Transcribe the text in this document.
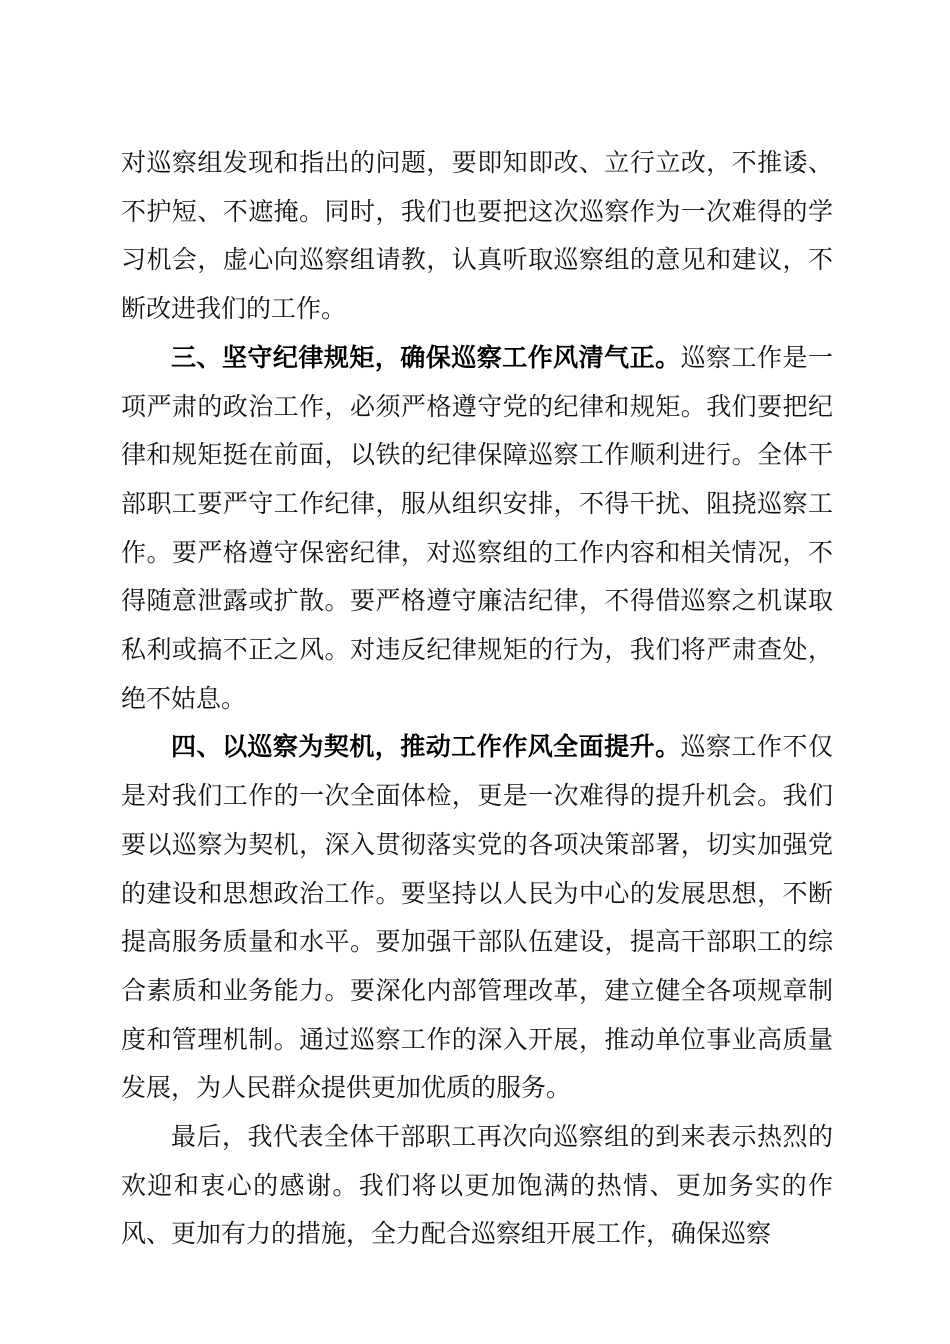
对巡察组发现和指出的问题，要即知即改、立行立改，不推诿、不护短、不遮掩。同时，我们也要把这次巡察作为一次难得的学习机会，虚心向巡察组请教，认真听取巡察组的意见和建议，不断改进我们的工作。

三、坚守纪律规矩，确保巡察工作风清气正。巡察工作是一项严肃的政治工作，必须严格遵守党的纪律和规矩。我们要把纪律和规矩挺在前面，以铁的纪律保障巡察工作顺利进行。全体干部职工要严守工作纪律，服从组织安排，不得干扰、阻挠巡察工作。要严格遵守保密纪律，对巡察组的工作内容和相关情况，不得随意泄露或扩散。要严格遵守廉洁纪律，不得借巡察之机谋取私利或搞不正之风。对违反纪律规矩的行为，我们将严肃查处，绝不姑息。

四、以巡察为契机，推动工作作风全面提升。巡察工作不仅是对我们工作的一次全面体检，更是一次难得的提升机会。我们要以巡察为契机，深入贯彻落实党的各项决策部署，切实加强党的建设和思想政治工作。要坚持以人民为中心的发展思想，不断提高服务质量和水平。要加强干部队伍建设，提高干部职工的综合素质和业务能力。要深化内部管理改革，建立健全各项规章制度和管理机制。通过巡察工作的深入开展，推动单位事业高质量发展，为人民群众提供更加优质的服务。

最后，我代表全体干部职工再次向巡察组的到来表示热烈的欢迎和衷心的感谢。我们将以更加饱满的热情、更加务实的作风、更加有力的措施，全力配合巡察组开展工作，确保巡察
